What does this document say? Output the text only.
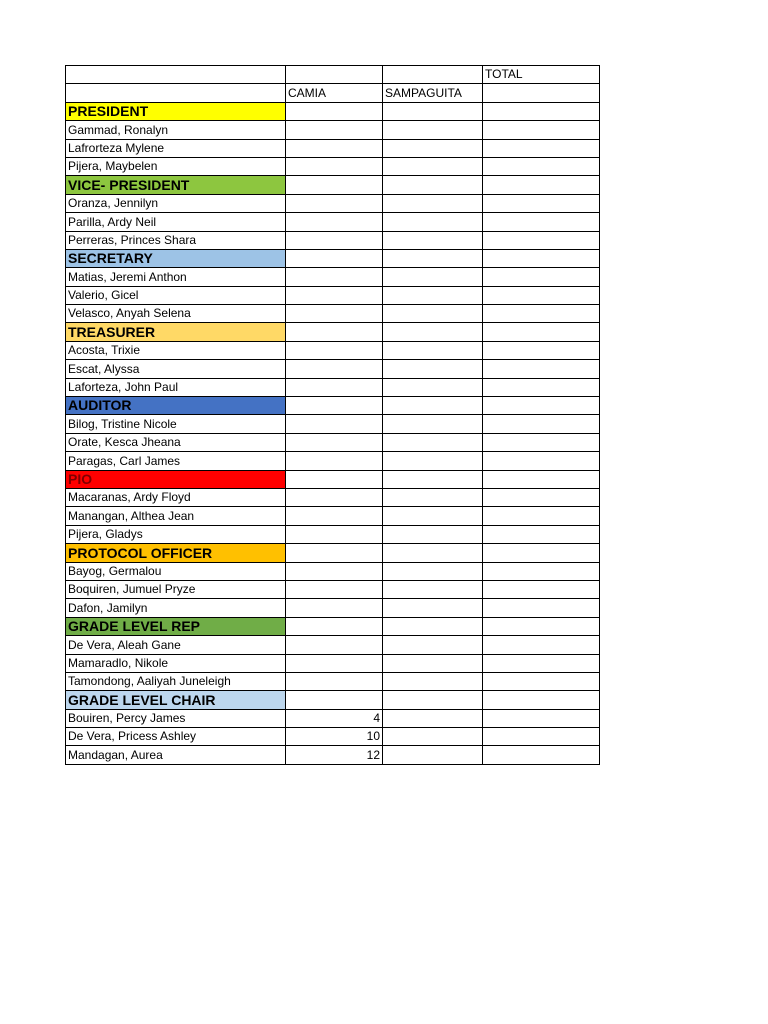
			TOTAL
	CAMIA	SAMPAGUITA	
PRESIDENT			
Gammad, Ronalyn			
Lafrorteza Mylene			
Pijera, Maybelen			
VICE- PRESIDENT			
Oranza, Jennilyn			
Parilla, Ardy Neil			
Perreras, Princes Shara			
SECRETARY			
Matias, Jeremi Anthon			
Valerio, Gicel			
Velasco, Anyah Selena			
TREASURER			
Acosta, Trixie			
Escat, Alyssa			
Laforteza, John Paul			
AUDITOR			
Bilog, Tristine Nicole			
Orate, Kesca Jheana			
Paragas, Carl James			
PIO			
Macaranas, Ardy Floyd			
Manangan, Althea Jean			
Pijera, Gladys			
PROTOCOL OFFICER			
Bayog, Germalou			
Boquiren, Jumuel Pryze			
Dafon, Jamilyn			
GRADE LEVEL REP			
De Vera, Aleah Gane			
Mamaradlo, Nikole			
Tamondong, Aaliyah Juneleigh			
GRADE LEVEL CHAIR			
Bouiren, Percy James	4		
De Vera, Pricess Ashley	10		
Mandagan, Aurea	12		
